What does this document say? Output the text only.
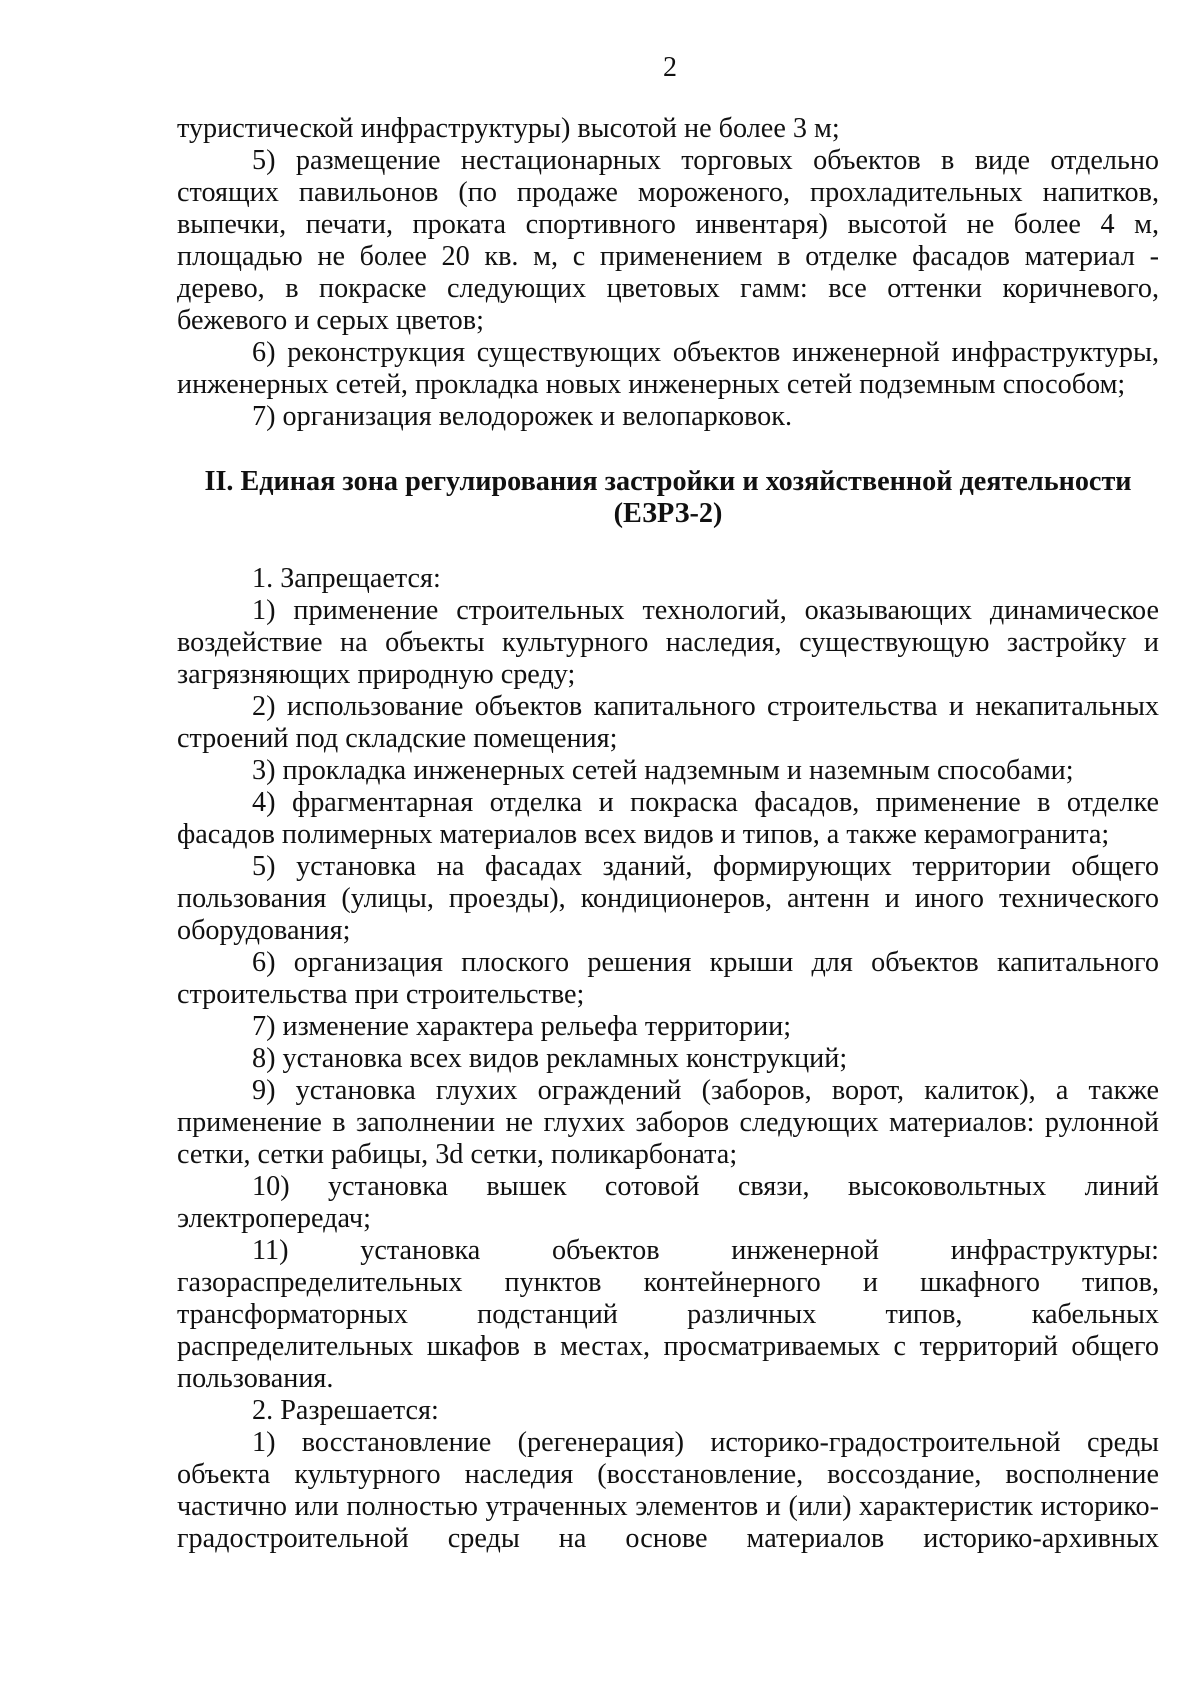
2

туристической инфраструктуры) высотой не более 3 м;

5) размещение нестационарных торговых объектов в виде отдельно стоящих павильонов (по продаже мороженого, прохладительных напитков, выпечки, печати, проката спортивного инвентаря) высотой не более 4 м, площадью не более 20 кв. м, с применением в отделке фасадов материал - дерево, в покраске следующих цветовых гамм: все оттенки коричневого, бежевого и серых цветов;

6) реконструкция существующих объектов инженерной инфраструктуры, инженерных сетей, прокладка новых инженерных сетей подземным способом;

7) организация велодорожек и велопарковок.

II. Единая зона регулирования застройки и хозяйственной деятельности
(ЕЗРЗ-2)

1. Запрещается:

1) применение строительных технологий, оказывающих динамическое воздействие на объекты культурного наследия, существующую застройку и загрязняющих природную среду;

2) использование объектов капитального строительства и некапитальных строений под складские помещения;

3) прокладка инженерных сетей надземным и наземным способами;

4) фрагментарная отделка и покраска фасадов, применение в отделке фасадов полимерных материалов всех видов и типов, а также керамогранита;

5) установка на фасадах зданий, формирующих территории общего пользования (улицы, проезды), кондиционеров, антенн и иного технического оборудования;

6) организация плоского решения крыши для объектов капитального строительства при строительстве;

7) изменение характера рельефа территории;

8) установка всех видов рекламных конструкций;

9) установка глухих ограждений (заборов, ворот, калиток), а также применение в заполнении не глухих заборов следующих материалов: рулонной сетки, сетки рабицы, 3d сетки, поликарбоната;

10) установка вышек сотовой связи, высоковольтных линий

электропередач;

11) установка объектов инженерной инфраструктуры:

газораспределительных пунктов контейнерного и шкафного типов,

трансформаторных подстанций различных типов, кабельных

распределительных шкафов в местах, просматриваемых с территорий общего пользования.

2. Разрешается:

1) восстановление (регенерация) историко-градостроительной среды объекта культурного наследия (восстановление, воссоздание, восполнение частично или полностью утраченных элементов и (или) характеристик историко-градостроительной среды на основе материалов историко-архивных
